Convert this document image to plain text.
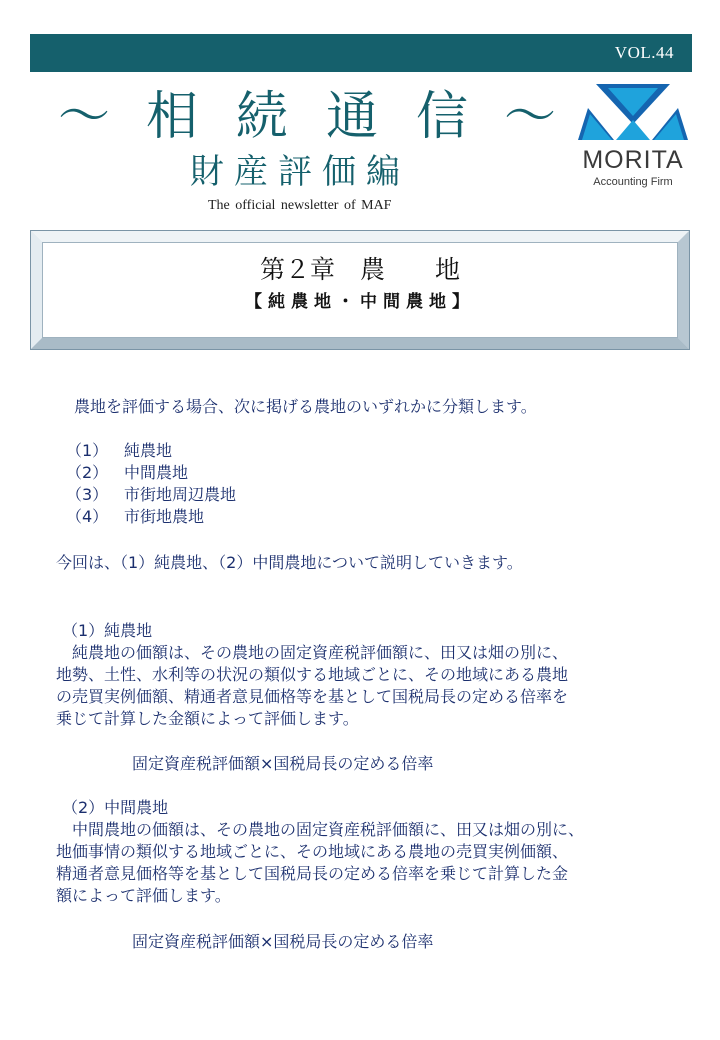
VOL.44
～ 相 続 通 信 ～
財産評価編
The official newsletter of MAF
MORITA
Accounting Firm
第２章　農　　地
【純農地・中間農地】
農地を評価する場合、次に掲げる農地のいずれかに分類します。
（1） 純農地
（2） 中間農地
（3） 市街地周辺農地
（4） 市街地農地
今回は、（1）純農地、（2）中間農地について説明していきます。
（1）純農地
　純農地の価額は、その農地の固定資産税評価額に、田又は畑の別に、
地勢、土性、水利等の状況の類似する地域ごとに、その地域にある農地
の売買実例価額、精通者意見価格等を基として国税局長の定める倍率を
乗じて計算した金額によって評価します。
固定資産税評価額×国税局長の定める倍率
（2）中間農地
　中間農地の価額は、その農地の固定資産税評価額に、田又は畑の別に、
地価事情の類似する地域ごとに、その地域にある農地の売買実例価額、
精通者意見価格等を基として国税局長の定める倍率を乗じて計算した金
額によって評価します。
固定資産税評価額×国税局長の定める倍率
